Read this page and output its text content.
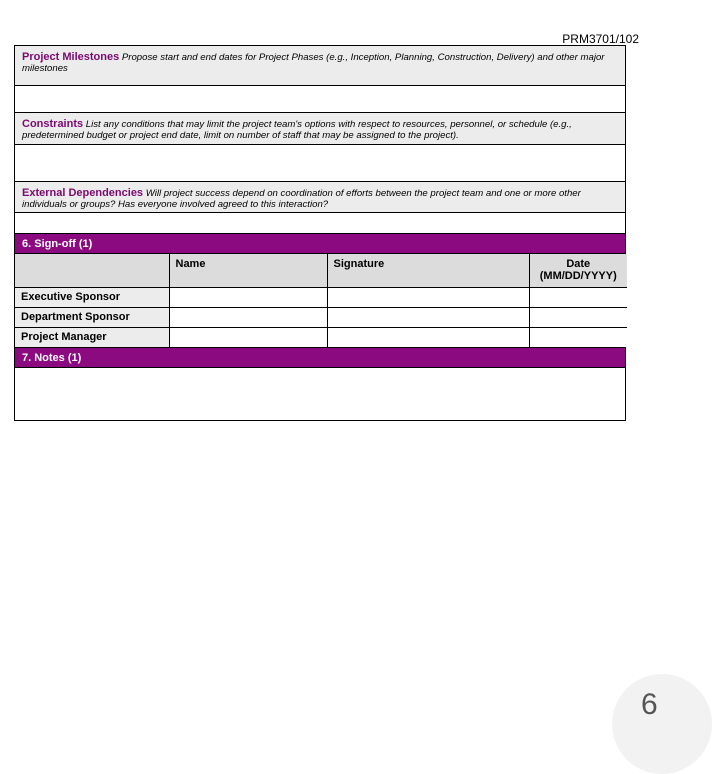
PRM3701/102
Project Milestones Propose start and end dates for Project Phases (e.g., Inception, Planning, Construction, Delivery) and other major milestones
Constraints List any conditions that may limit the project team's options with respect to resources, personnel, or schedule (e.g., predetermined budget or project end date, limit on number of staff that may be assigned to the project).
External Dependencies Will project success depend on coordination of efforts between the project team and one or more other individuals or groups? Has everyone involved agreed to this interaction?
6. Sign-off (1)
	Name	Signature	Date (MM/DD/YYYY)
Executive Sponsor			
Department Sponsor			
Project Manager			
7. Notes (1)
6
